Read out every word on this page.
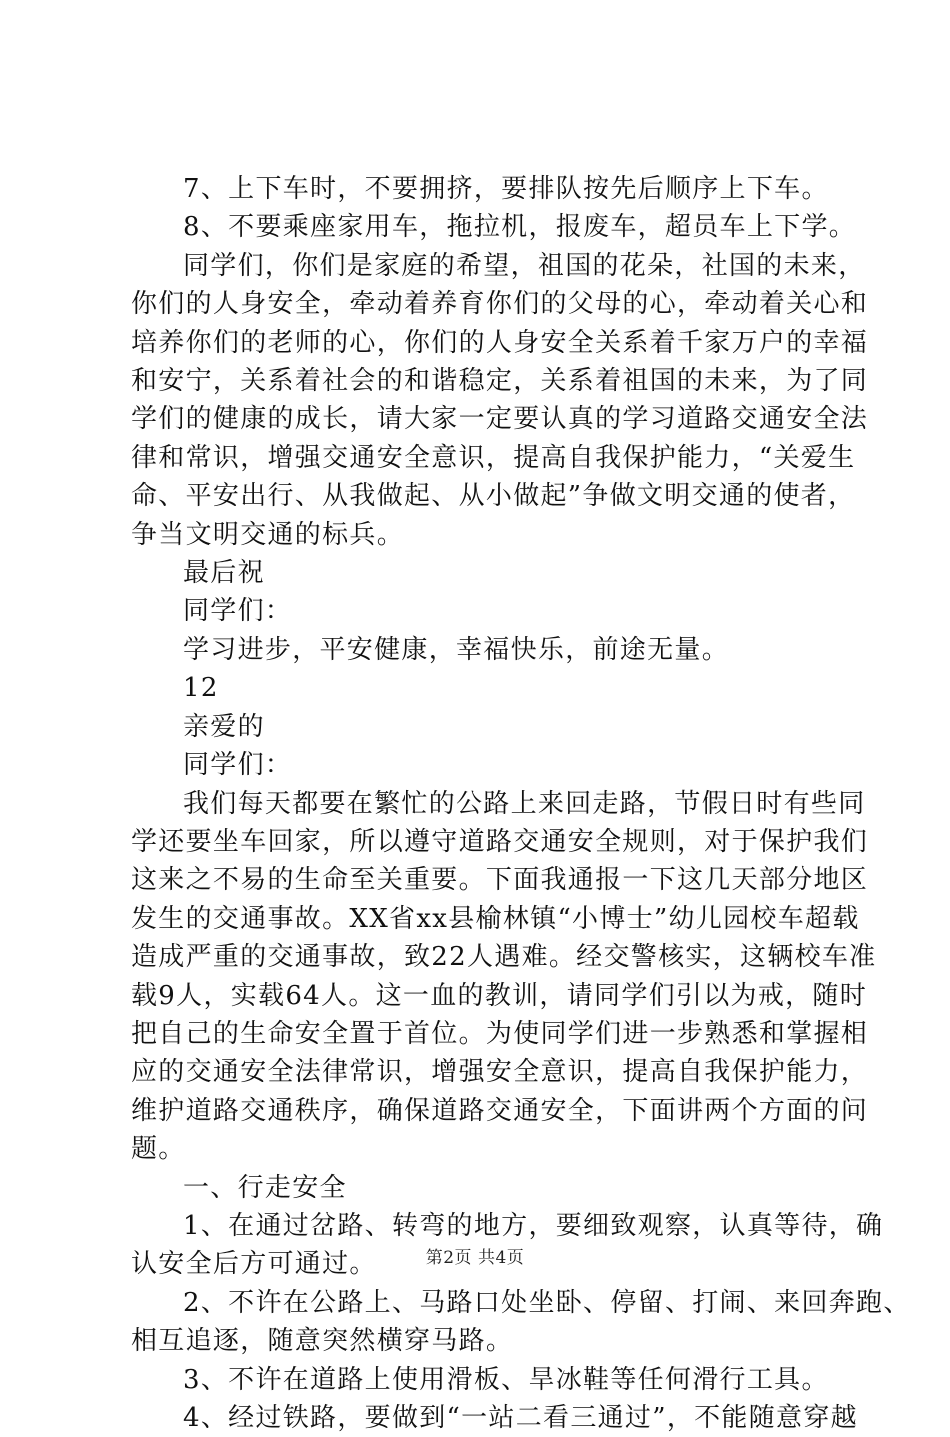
7、上下车时，不要拥挤，要排队按先后顺序上下车。
8、不要乘座家用车，拖拉机，报废车，超员车上下学。
同学们，你们是家庭的希望，祖国的花朵，社国的未来，
你们的人身安全，牵动着养育你们的父母的心，牵动着关心和
培养你们的老师的心，你们的人身安全关系着千家万户的幸福
和安宁，关系着社会的和谐稳定，关系着祖国的未来，为了同
学们的健康的成长，请大家一定要认真的学习道路交通安全法
律和常识，增强交通安全意识，提高自我保护能力，“关爱生
命、平安出行、从我做起、从小做起”争做文明交通的使者，
争当文明交通的标兵。
最后祝
同学们：
学习进步，平安健康，幸福快乐，前途无量。
12
亲爱的
同学们：
我们每天都要在繁忙的公路上来回走路，节假日时有些同
学还要坐车回家，所以遵守道路交通安全规则，对于保护我们
这来之不易的生命至关重要。下面我通报一下这几天部分地区
发生的交通事故。XX省xx县榆林镇“小博士”幼儿园校车超载
造成严重的交通事故，致22人遇难。经交警核实，这辆校车准
载9人，实载64人。这一血的教训，请同学们引以为戒，随时
把自己的生命安全置于首位。为使同学们进一步熟悉和掌握相
应的交通安全法律常识，增强安全意识，提高自我保护能力，
维护道路交通秩序，确保道路交通安全，下面讲两个方面的问
题。
一、行走安全
1、在通过岔路、转弯的地方，要细致观察，认真等待，确
认安全后方可通过。
2、不许在公路上、马路口处坐卧、停留、打闹、来回奔跑、
相互追逐，随意突然横穿马路。
3、不许在道路上使用滑板、旱冰鞋等任何滑行工具。
4、经过铁路，要做到“一站二看三通过”，不能随意穿越
第2页 共4页
